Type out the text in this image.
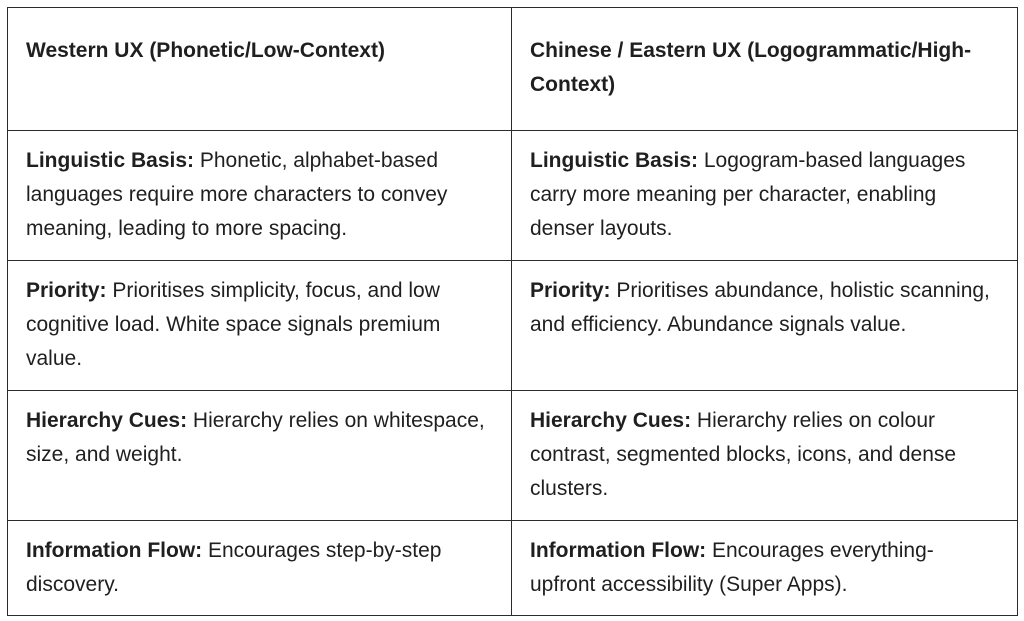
Western UX (Phonetic/Low-Context)	Chinese / Eastern UX (Logogrammatic/High-Context)
Linguistic Basis: Phonetic, alphabet-based languages require more characters to convey meaning, leading to more spacing.	Linguistic Basis: Logogram-based languages carry more meaning per character, enabling denser layouts.
Priority: Prioritises simplicity, focus, and low cognitive load. White space signals premium value.	Priority: Prioritises abundance, holistic scanning, and efficiency. Abundance signals value.
Hierarchy Cues: Hierarchy relies on whitespace, size, and weight.	Hierarchy Cues: Hierarchy relies on colour contrast, segmented blocks, icons, and dense clusters.
Information Flow: Encourages step-by-step discovery.	Information Flow: Encourages everything-upfront accessibility (Super Apps).
